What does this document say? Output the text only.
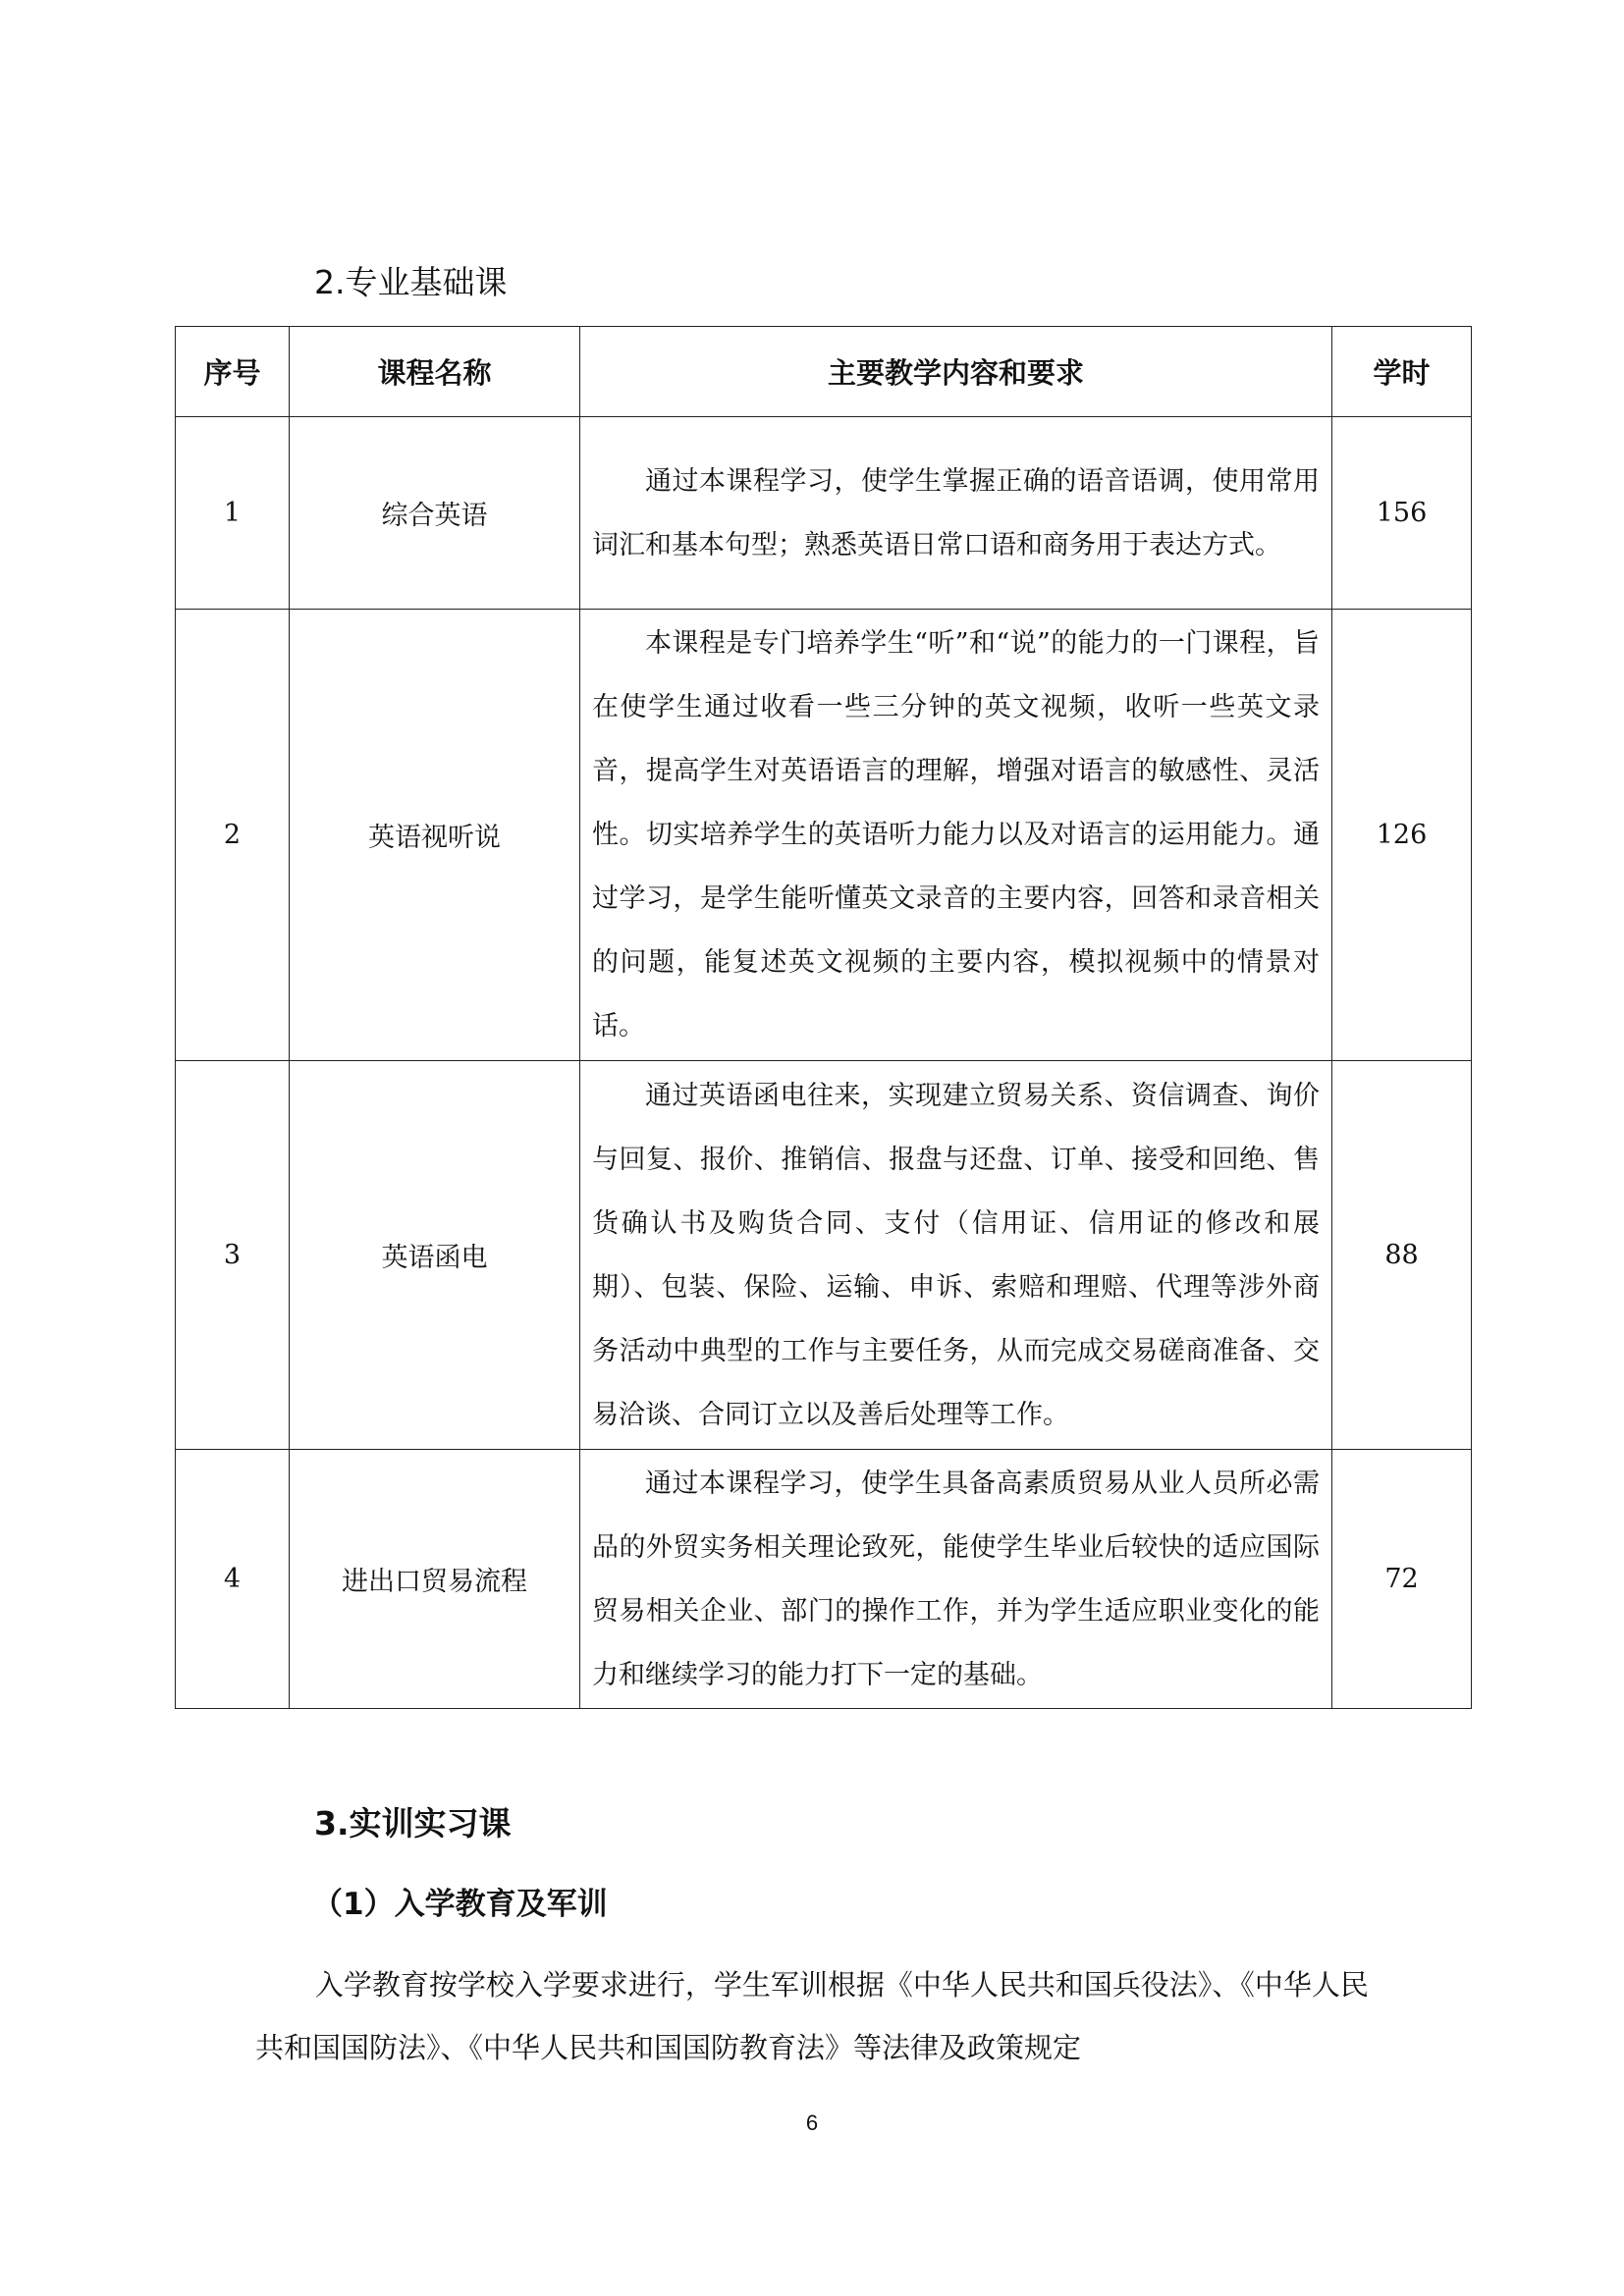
2.专业基础课
序号	课程名称	主要教学内容和要求	学时
1	综合英语	通过本课程学习，使学生掌握正确的语音语调，使用常用词汇和基本句型；熟悉英语日常口语和商务用于表达方式。	156
2	英语视听说	本课程是专门培养学生“听”和“说”的能力的一门课程，旨在使学生通过收看一些三分钟的英文视频，收听一些英文录音，提高学生对英语语言的理解，增强对语言的敏感性、灵活性。切实培养学生的英语听力能力以及对语言的运用能力。通过学习，是学生能听懂英文录音的主要内容，回答和录音相关的问题，能复述英文视频的主要内容，模拟视频中的情景对话。	126
3	英语函电	通过英语函电往来，实现建立贸易关系、资信调查、询价与回复、报价、推销信、报盘与还盘、订单、接受和回绝、售货确认书及购货合同、支付（信用证、信用证的修改和展期）、包装、保险、运输、申诉、索赔和理赔、代理等涉外商务活动中典型的工作与主要任务，从而完成交易磋商准备、交易洽谈、合同订立以及善后处理等工作。	88
4	进出口贸易流程	通过本课程学习，使学生具备高素质贸易从业人员所必需品的外贸实务相关理论致死，能使学生毕业后较快的适应国际贸易相关企业、部门的操作工作，并为学生适应职业变化的能力和继续学习的能力打下一定的基础。	72
3.实训实习课
（1）入学教育及军训
入学教育按学校入学要求进行，学生军训根据《中华人民共和国兵役法》、《中华人民共和国国防法》、《中华人民共和国国防教育法》等法律及政策规定
6
